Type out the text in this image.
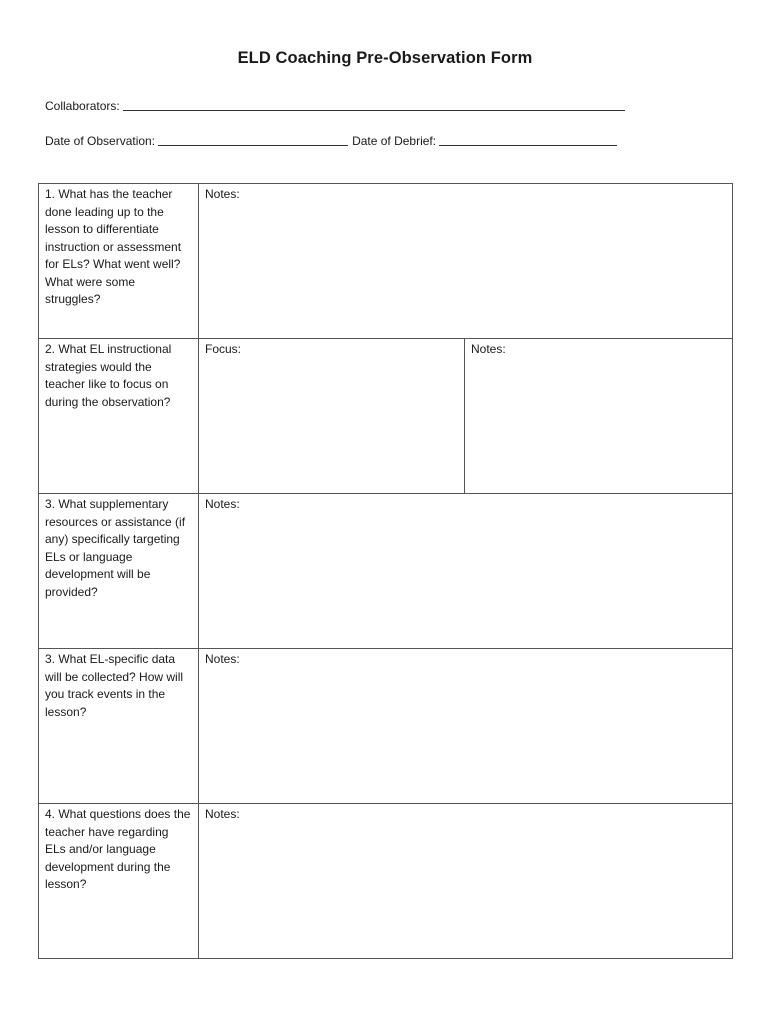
ELD Coaching Pre-Observation Form
Collaborators:
Date of Observation:	Date of Debrief:
1. What has the teacher done leading up to the lesson to differentiate instruction or assessment for ELs? What went well? What were some struggles?	Notes:	

2. What EL instructional strategies would the teacher like to focus on during the observation?	Focus:	Notes:

3. What supplementary resources or assistance (if any) specifically targeting ELs or language development will be provided?	Notes:	

3. What EL-specific data will be collected? How will you track events in the lesson?	Notes:	

4. What questions does the teacher have regarding ELs and/or language development during the lesson?	Notes:	
